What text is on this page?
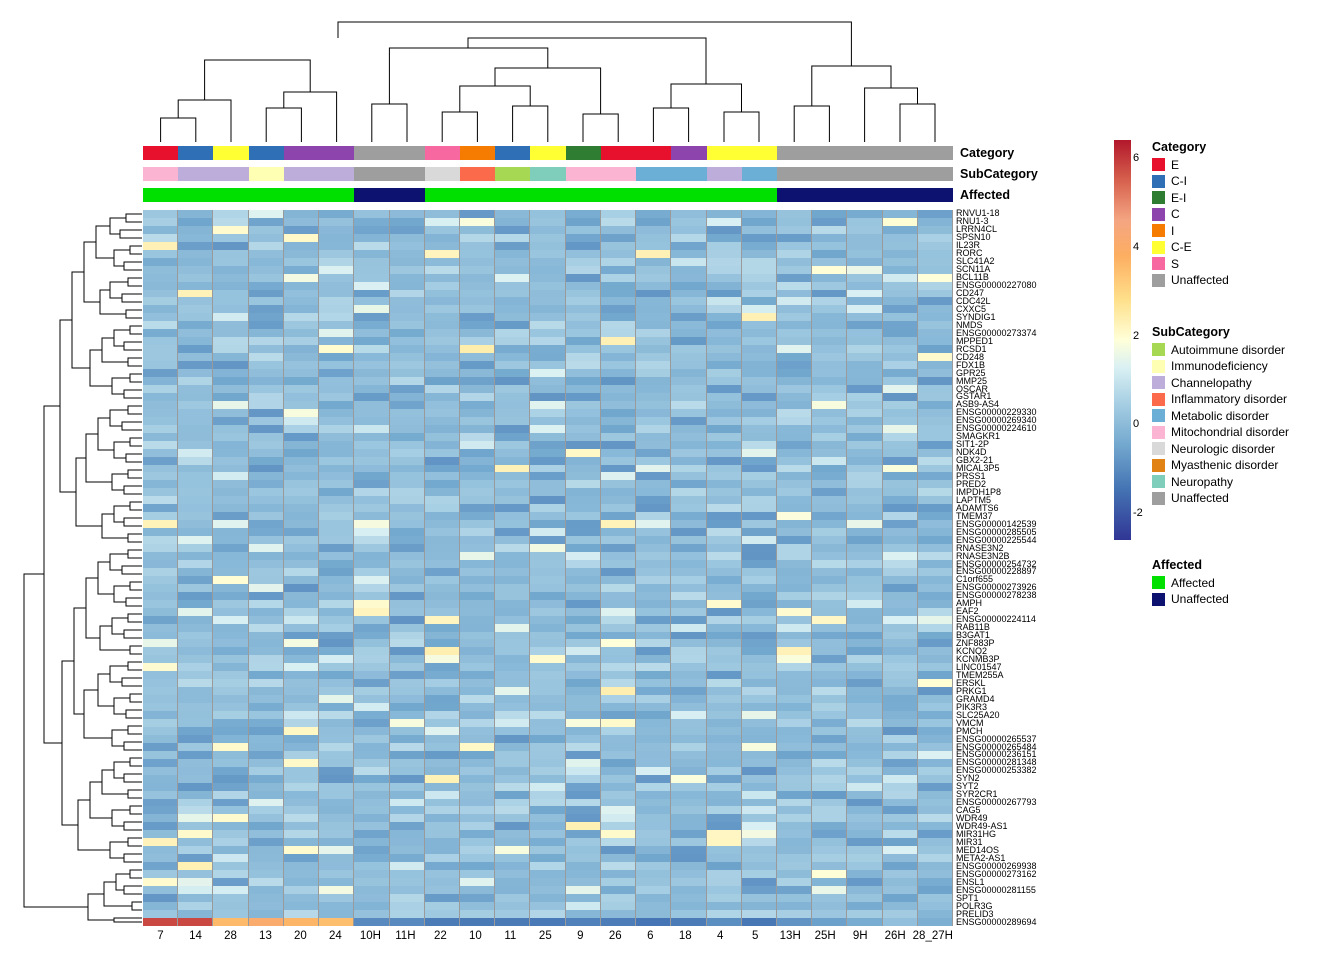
Category
SubCategory
Affected
RNVU1-18
RNU1-3
LRRN4CL
SPSN10
IL23R
RORC
SLC41A2
SCN11A
BCL11B
ENSG00000227080
CD247
CDC42L
CXXC5
SYNDIG1
NMDS
ENSG00000273374
MPPED1
RCSD1
CD248
FDX1B
GPR25
MMP25
OSCAR
GSTAR1
ASB9-AS4
ENSG00000229330
ENSG00000269340
ENSG00000224610
SMAGKR1
SIT1-2P
NDK4D
GBX2-21
MICAL3P5
PRSS1
PRED2
IMPDH1P8
LAPTM5
ADAMTS6
TMEM37
ENSG00000142539
ENSG00000285505
ENSG00000225544
RNASE3N2
RNASE3N2B
ENSG00000254732
ENSG00000228897
C1orf655
ENSG00000273926
ENSG00000278238
AMPH
EAF2
ENSG00000224114
RAB11B
B3GAT1
ZNF883P
KCNQ2
KCNMB3P
LINC01547
TMEM255A
ERSKL
PRKG1
GRAMD4
PIK3R3
SLC25A20
VMCM
PMCH
ENSG00000265537
ENSG00000265484
ENSG00000236151
ENSG00000281348
ENSG00000253382
SYN2
SYT2
SYR2CR1
ENSG00000267793
CAG5
WDR49
WDR49-AS1
MIR31HG
MIR31
MED14OS
META2-AS1
ENSG00000269938
ENSG00000273162
ENSL1
ENSG00000281155
SPT1
POLR3G
PRELID3
ENSG00000289694
7	14	28	13	20	24	10H	11H	22	10	11	25	9	26	6	18	4	5	13H	25H	9H	26H 28_27H
6
4
2
0
-2
Category
E
C-I
E-I
C
I
C-E
S
Unaffected
SubCategory
Autoimmune disorder
Immunodeficiency
Channelopathy
Inflammatory disorder
Metabolic disorder
Mitochondrial disorder
Neurologic disorder
Myasthenic disorder
Neuropathy
Unaffected
Affected
Affected
Unaffected
